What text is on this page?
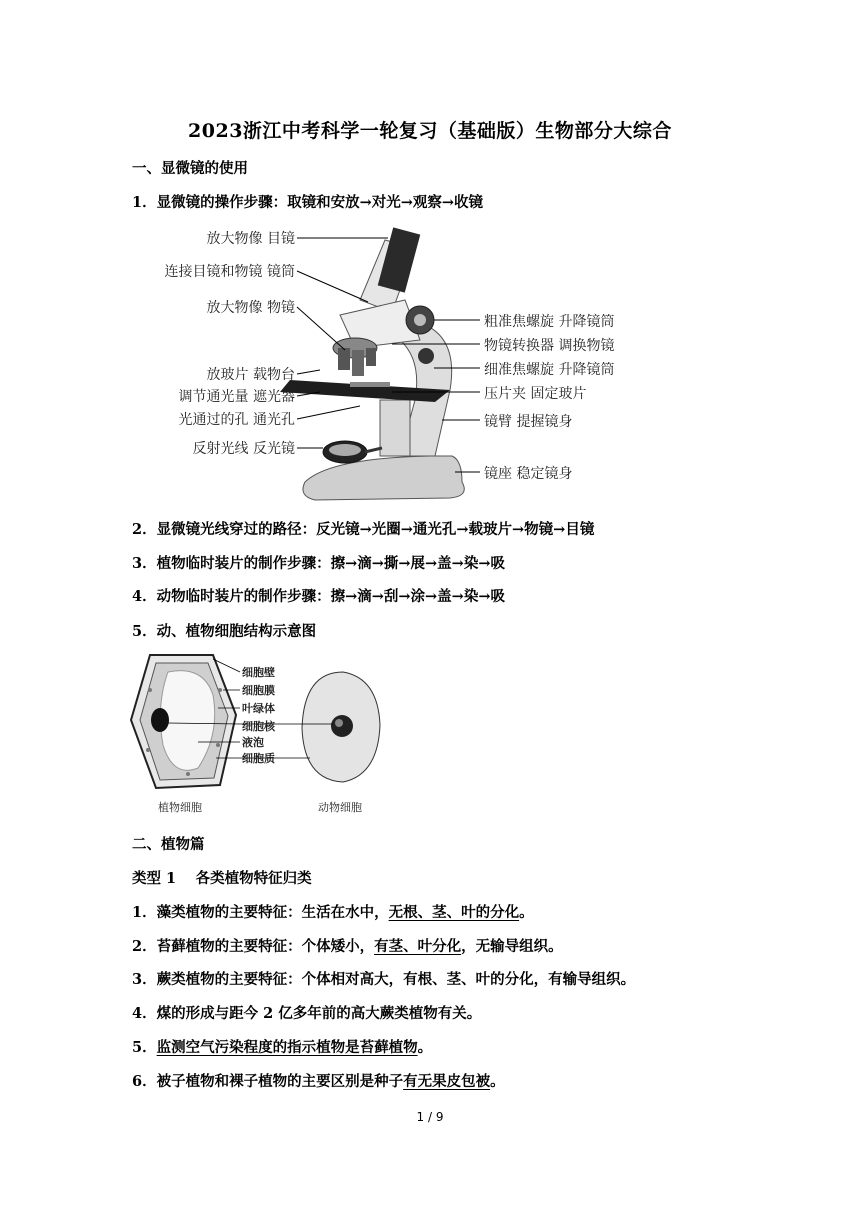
2023浙江中考科学一轮复习（基础版）生物部分大综合
一、显微镜的使用
1．显微镜的操作步骤：取镜和安放→对光→观察→收镜
放大物像 目镜
连接目镜和物镜 镜筒
放大物像 物镜
放玻片 载物台
调节通光量 遮光器
光通过的孔 通光孔
反射光线 反光镜
粗准焦螺旋 升降镜筒
物镜转换器 调换物镜
细准焦螺旋 升降镜筒
压片夹 固定玻片
镜臂 提握镜身
镜座 稳定镜身
2．显微镜光线穿过的路径：反光镜→光圈→通光孔→载玻片→物镜→目镜
3．植物临时装片的制作步骤：擦→滴→撕→展→盖→染→吸
4．动物临时装片的制作步骤：擦→滴→刮→涂→盖→染→吸
5．动、植物细胞结构示意图
细胞壁
细胞膜
叶绿体
细胞核
液泡
细胞质
植物细胞	动物细胞
二、植物篇
类型 1　 各类植物特征归类
1．藻类植物的主要特征：生活在水中，无根、茎、叶的分化。
2．苔藓植物的主要特征：个体矮小，有茎、叶分化，无输导组织。
3．蕨类植物的主要特征：个体相对高大，有根、茎、叶的分化，有输导组织。
4．煤的形成与距今 2 亿多年前的高大蕨类植物有关。
5．监测空气污染程度的指示植物是苔藓植物。
6．被子植物和裸子植物的主要区别是种子有无果皮包被。
1 / 9
